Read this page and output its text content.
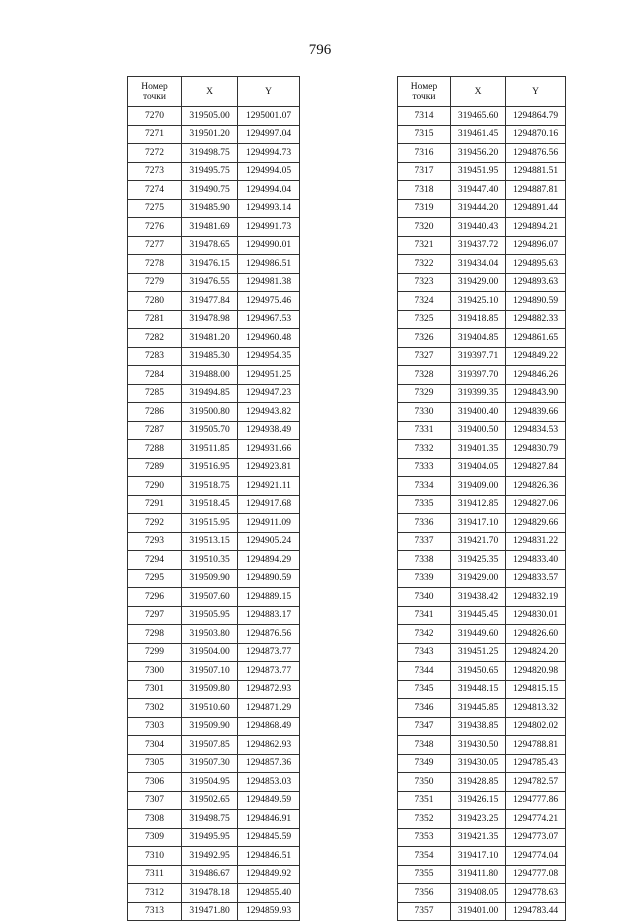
796
Номер
точки	X	Y
7270	319505.00	1295001.07
7271	319501.20	1294997.04
7272	319498.75	1294994.73
7273	319495.75	1294994.05
7274	319490.75	1294994.04
7275	319485.90	1294993.14
7276	319481.69	1294991.73
7277	319478.65	1294990.01
7278	319476.15	1294986.51
7279	319476.55	1294981.38
7280	319477.84	1294975.46
7281	319478.98	1294967.53
7282	319481.20	1294960.48
7283	319485.30	1294954.35
7284	319488.00	1294951.25
7285	319494.85	1294947.23
7286	319500.80	1294943.82
7287	319505.70	1294938.49
7288	319511.85	1294931.66
7289	319516.95	1294923.81
7290	319518.75	1294921.11
7291	319518.45	1294917.68
7292	319515.95	1294911.09
7293	319513.15	1294905.24
7294	319510.35	1294894.29
7295	319509.90	1294890.59
7296	319507.60	1294889.15
7297	319505.95	1294883.17
7298	319503.80	1294876.56
7299	319504.00	1294873.77
7300	319507.10	1294873.77
7301	319509.80	1294872.93
7302	319510.60	1294871.29
7303	319509.90	1294868.49
7304	319507.85	1294862.93
7305	319507.30	1294857.36
7306	319504.95	1294853.03
7307	319502.65	1294849.59
7308	319498.75	1294846.91
7309	319495.95	1294845.59
7310	319492.95	1294846.51
7311	319486.67	1294849.92
7312	319478.18	1294855.40
7313	319471.80	1294859.93
Номер
точки	X	Y
7314	319465.60	1294864.79
7315	319461.45	1294870.16
7316	319456.20	1294876.56
7317	319451.95	1294881.51
7318	319447.40	1294887.81
7319	319444.20	1294891.44
7320	319440.43	1294894.21
7321	319437.72	1294896.07
7322	319434.04	1294895.63
7323	319429.00	1294893.63
7324	319425.10	1294890.59
7325	319418.85	1294882.33
7326	319404.85	1294861.65
7327	319397.71	1294849.22
7328	319397.70	1294846.26
7329	319399.35	1294843.90
7330	319400.40	1294839.66
7331	319400.50	1294834.53
7332	319401.35	1294830.79
7333	319404.05	1294827.84
7334	319409.00	1294826.36
7335	319412.85	1294827.06
7336	319417.10	1294829.66
7337	319421.70	1294831.22
7338	319425.35	1294833.40
7339	319429.00	1294833.57
7340	319438.42	1294832.19
7341	319445.45	1294830.01
7342	319449.60	1294826.60
7343	319451.25	1294824.20
7344	319450.65	1294820.98
7345	319448.15	1294815.15
7346	319445.85	1294813.32
7347	319438.85	1294802.02
7348	319430.50	1294788.81
7349	319430.05	1294785.43
7350	319428.85	1294782.57
7351	319426.15	1294777.86
7352	319423.25	1294774.21
7353	319421.35	1294773.07
7354	319417.10	1294774.04
7355	319411.80	1294777.08
7356	319408.05	1294778.63
7357	319401.00	1294783.44
